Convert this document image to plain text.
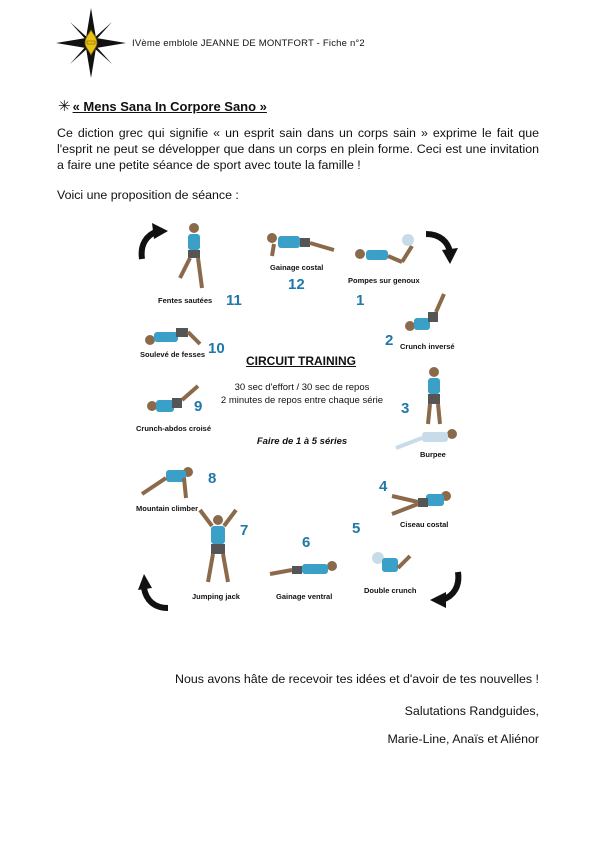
IVème emblole JEANNE DE MONTFORT - Fiche n°2
✳ « Mens Sana In Corpore Sano »
Ce diction grec qui signifie « un esprit sain dans un corps sain » exprime le fait que l'esprit ne peut se développer que dans un corps en plein forme. Ceci est une invitation a faire une petite séance de sport avec toute la famille !
Voici une proposition de séance :
1
2
3
4
5
6
7
8
9
10
11
12	Pompes sur genoux
Crunch inversé
Burpee
Ciseau costal
Double crunch
Gainage ventral
Jumping jack
Mountain climber
Crunch-abdos croisé
Soulevé de fesses
Fentes sautées
Gainage costal
CIRCUIT TRAINING
30 sec d'effort / 30 sec de repos
2 minutes de repos entre chaque série
Faire de 1 à 5 séries
Nous avons hâte de recevoir tes idées et d'avoir de tes nouvelles !
Salutations Randguides,
Marie-Line, Anaïs et Aliénor
